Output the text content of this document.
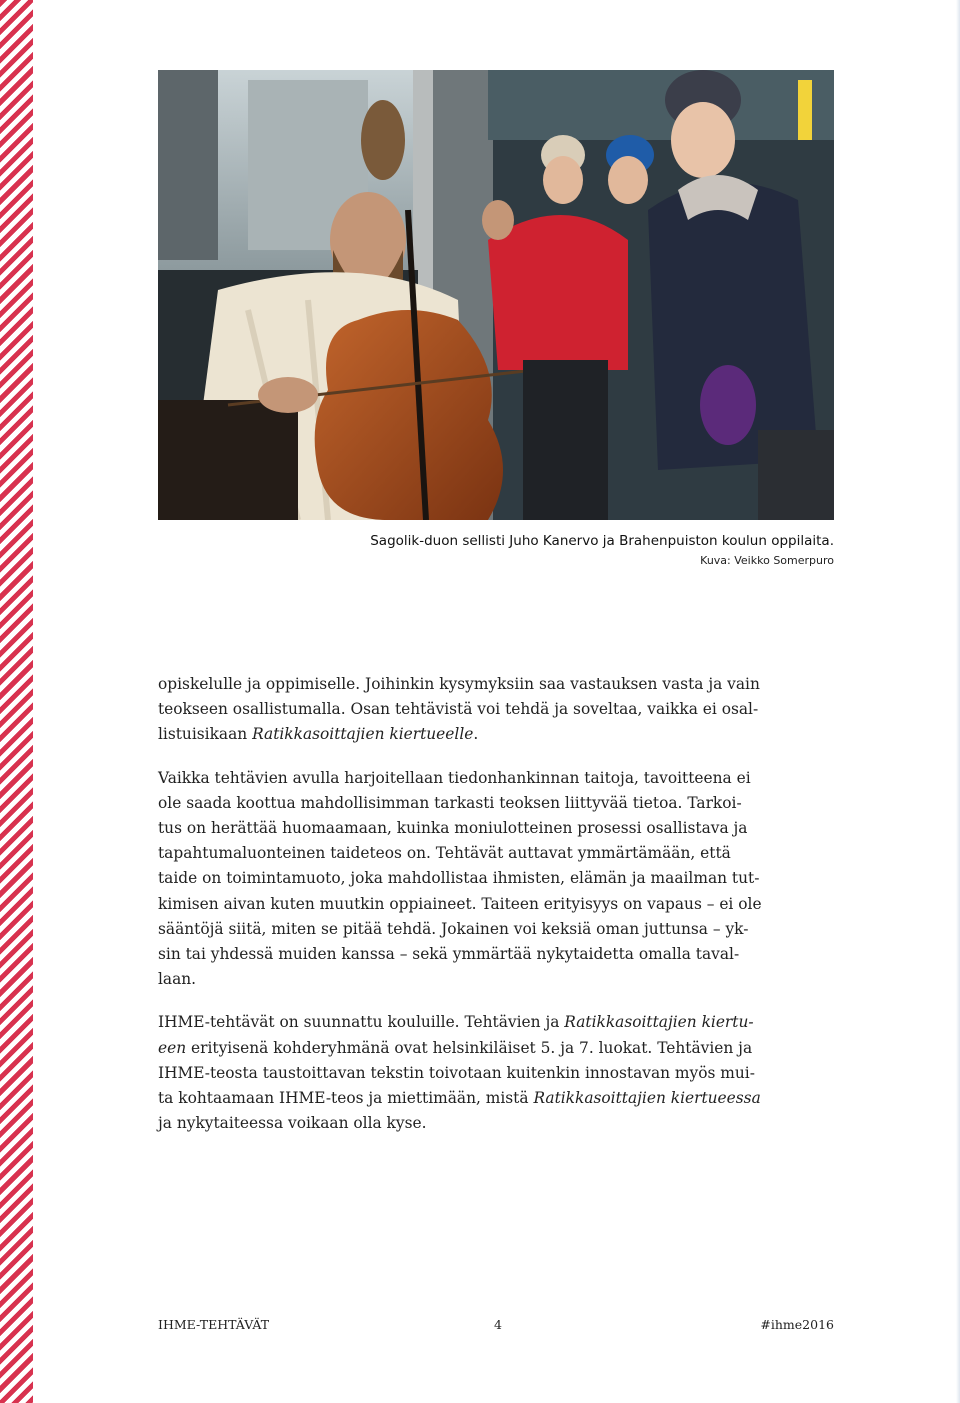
Sagolik-duon sellisti Juho Kanervo ja Brahenpuiston koulun oppilaita.
Kuva: Veikko Somerpuro

opiskelulle ja oppimiselle. Joihinkin kysymyksiin saa vastauksen vasta ja vain
teokseen osallistumalla. Osan tehtävistä voi tehdä ja soveltaa, vaikka ei osal-
listuisikaan Ratikkasoittajien kiertueelle.

Vaikka tehtävien avulla harjoitellaan tiedonhankinnan taitoja, tavoitteena ei
ole saada koottua mahdollisimman tarkasti teoksen liittyvää tietoa. Tarkoi-
tus on herättää huomaamaan, kuinka moniulotteinen prosessi osallistava ja
tapahtumaluonteinen taideteos on. Tehtävät auttavat ymmärtämään, että
taide on toimintamuoto, joka mahdollistaa ihmisten, elämän ja maailman tut-
kimisen aivan kuten muutkin oppiaineet. Taiteen erityisyys on vapaus – ei ole
sääntöjä siitä, miten se pitää tehdä. Jokainen voi keksiä oman juttunsa – yk-
sin tai yhdessä muiden kanssa – sekä ymmärtää nykytaidetta omalla taval-
laan.

IHME-tehtävät on suunnattu kouluille. Tehtävien ja Ratikkasoittajien kiertu-
een erityisenä kohderyhmänä ovat helsinkiläiset 5. ja 7. luokat. Tehtävien ja
IHME-teosta taustoittavan tekstin toivotaan kuitenkin innostavan myös mui-
ta kohtaamaan IHME-teos ja miettimään, mistä Ratikkasoittajien kiertueessa
ja nykytaiteessa voikaan olla kyse.

IHME-TEHTÄVÄT	4	#ihme2016
